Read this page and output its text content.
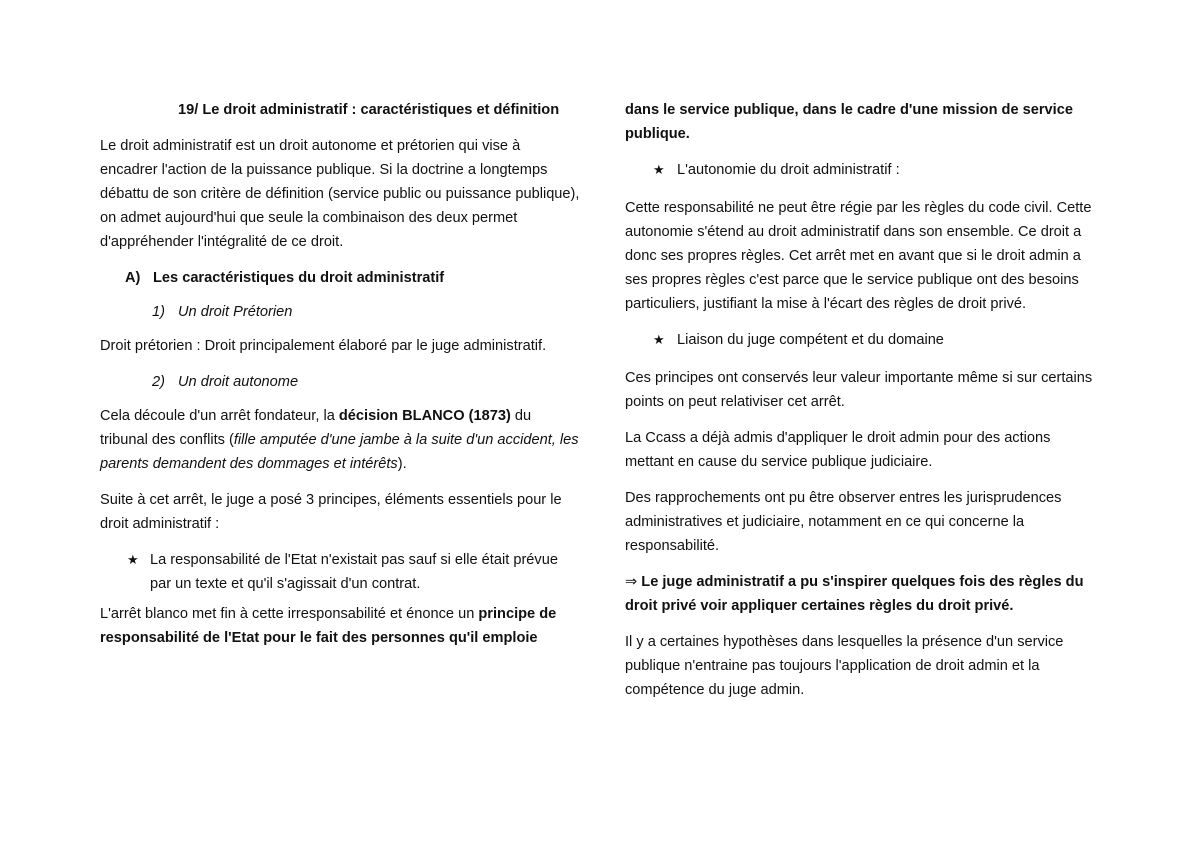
19/ Le droit administratif : caractéristiques et définition

Le droit administratif est un droit autonome et prétorien qui vise à encadrer l'action de la puissance publique. Si la doctrine a longtemps débattu de son critère de définition (service public ou puissance publique), on admet aujourd'hui que seule la combinaison des deux permet d'appréhender l'intégralité de ce droit.

A) Les caractéristiques du droit administratif

1) Un droit Prétorien

Droit prétorien : Droit principalement élaboré par le juge administratif.

2) Un droit autonome

Cela découle d'un arrêt fondateur, la décision BLANCO (1873) du tribunal des conflits (fille amputée d'une jambe à la suite d'un accident, les parents demandent des dommages et intérêts).

Suite à cet arrêt, le juge a posé 3 principes, éléments essentiels pour le droit administratif :

★ La responsabilité de l'Etat n'existait pas sauf si elle était prévue par un texte et qu'il s'agissait d'un contrat.

L'arrêt blanco met fin à cette irresponsabilité et énonce un principe de responsabilité de l'Etat pour le fait des personnes qu'il emploie

dans le service publique, dans le cadre d'une mission de service publique.

★ L'autonomie du droit administratif :

Cette responsabilité ne peut être régie par les règles du code civil. Cette autonomie s'étend au droit administratif dans son ensemble. Ce droit a donc ses propres règles. Cet arrêt met en avant que si le droit admin a ses propres règles c'est parce que le service publique ont des besoins particuliers, justifiant la mise à l'écart des règles de droit privé.

★ Liaison du juge compétent et du domaine

Ces principes ont conservés leur valeur importante même si sur certains points on peut relativiser cet arrêt.

La Ccass a déjà admis d'appliquer le droit admin pour des actions mettant en cause du service publique judiciaire.

Des rapprochements ont pu être observer entres les jurisprudences administratives et judiciaire, notamment en ce qui concerne la responsabilité.

⇒ Le juge administratif a pu s'inspirer quelques fois des règles du droit privé voir appliquer certaines règles du droit privé.

Il y a certaines hypothèses dans lesquelles la présence d'un service publique n'entraine pas toujours l'application de droit admin et la compétence du juge admin.
